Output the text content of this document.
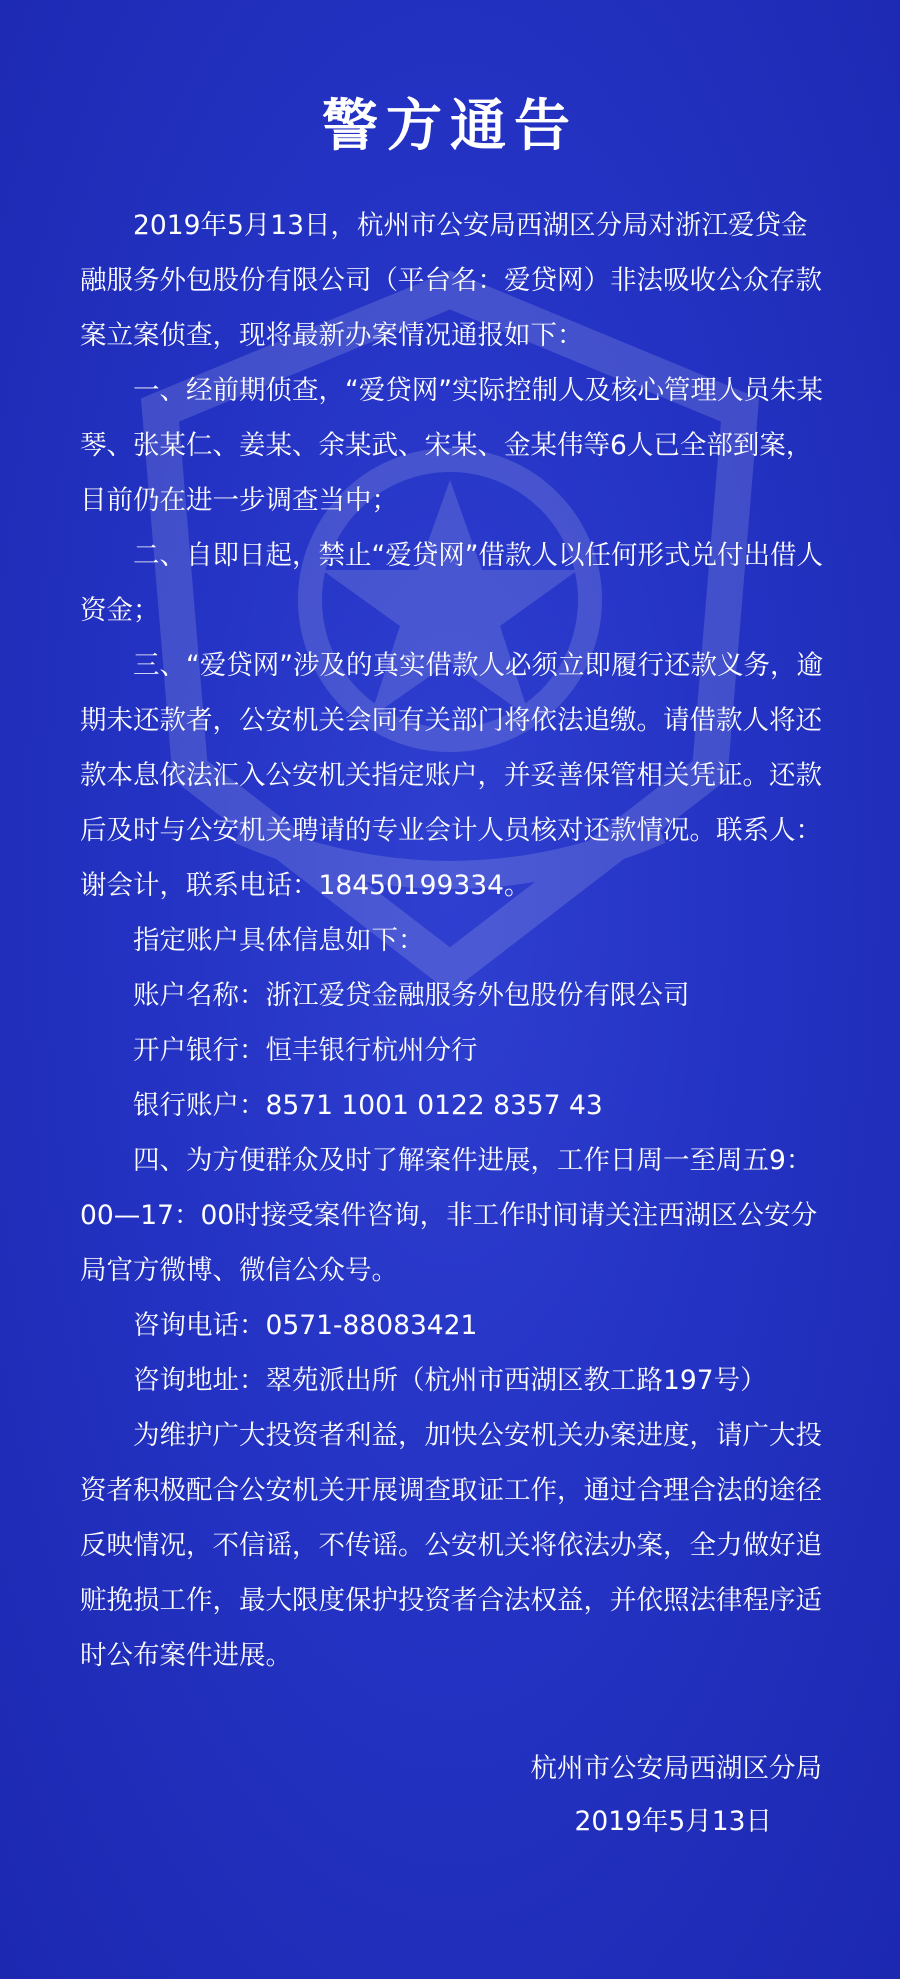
警方通告

2019年5月13日，杭州市公安局西湖区分局对浙江爱贷金融服务外包股份有限公司（平台名：爱贷网）非法吸收公众存款案立案侦查，现将最新办案情况通报如下：

一、经前期侦查，“爱贷网”实际控制人及核心管理人员朱某琴、张某仁、姜某、余某武、宋某、金某伟等6人已全部到案，目前仍在进一步调查当中；

二、自即日起，禁止“爱贷网”借款人以任何形式兑付出借人资金；

三、“爱贷网”涉及的真实借款人必须立即履行还款义务，逾期未还款者，公安机关会同有关部门将依法追缴。请借款人将还款本息依法汇入公安机关指定账户，并妥善保管相关凭证。还款后及时与公安机关聘请的专业会计人员核对还款情况。联系人：谢会计，联系电话：18450199334。

指定账户具体信息如下：

账户名称：浙江爱贷金融服务外包股份有限公司

开户银行：恒丰银行杭州分行

银行账户：8571 1001 0122 8357 43

四、为方便群众及时了解案件进展，工作日周一至周五9：00—17：00时接受案件咨询，非工作时间请关注西湖区公安分局官方微博、微信公众号。

咨询电话：0571-88083421

咨询地址：翠苑派出所（杭州市西湖区教工路197号）

为维护广大投资者利益，加快公安机关办案进度，请广大投资者积极配合公安机关开展调查取证工作，通过合理合法的途径反映情况，不信谣，不传谣。公安机关将依法办案，全力做好追赃挽损工作，最大限度保护投资者合法权益，并依照法律程序适时公布案件进展。

杭州市公安局西湖区分局
2019年5月13日
